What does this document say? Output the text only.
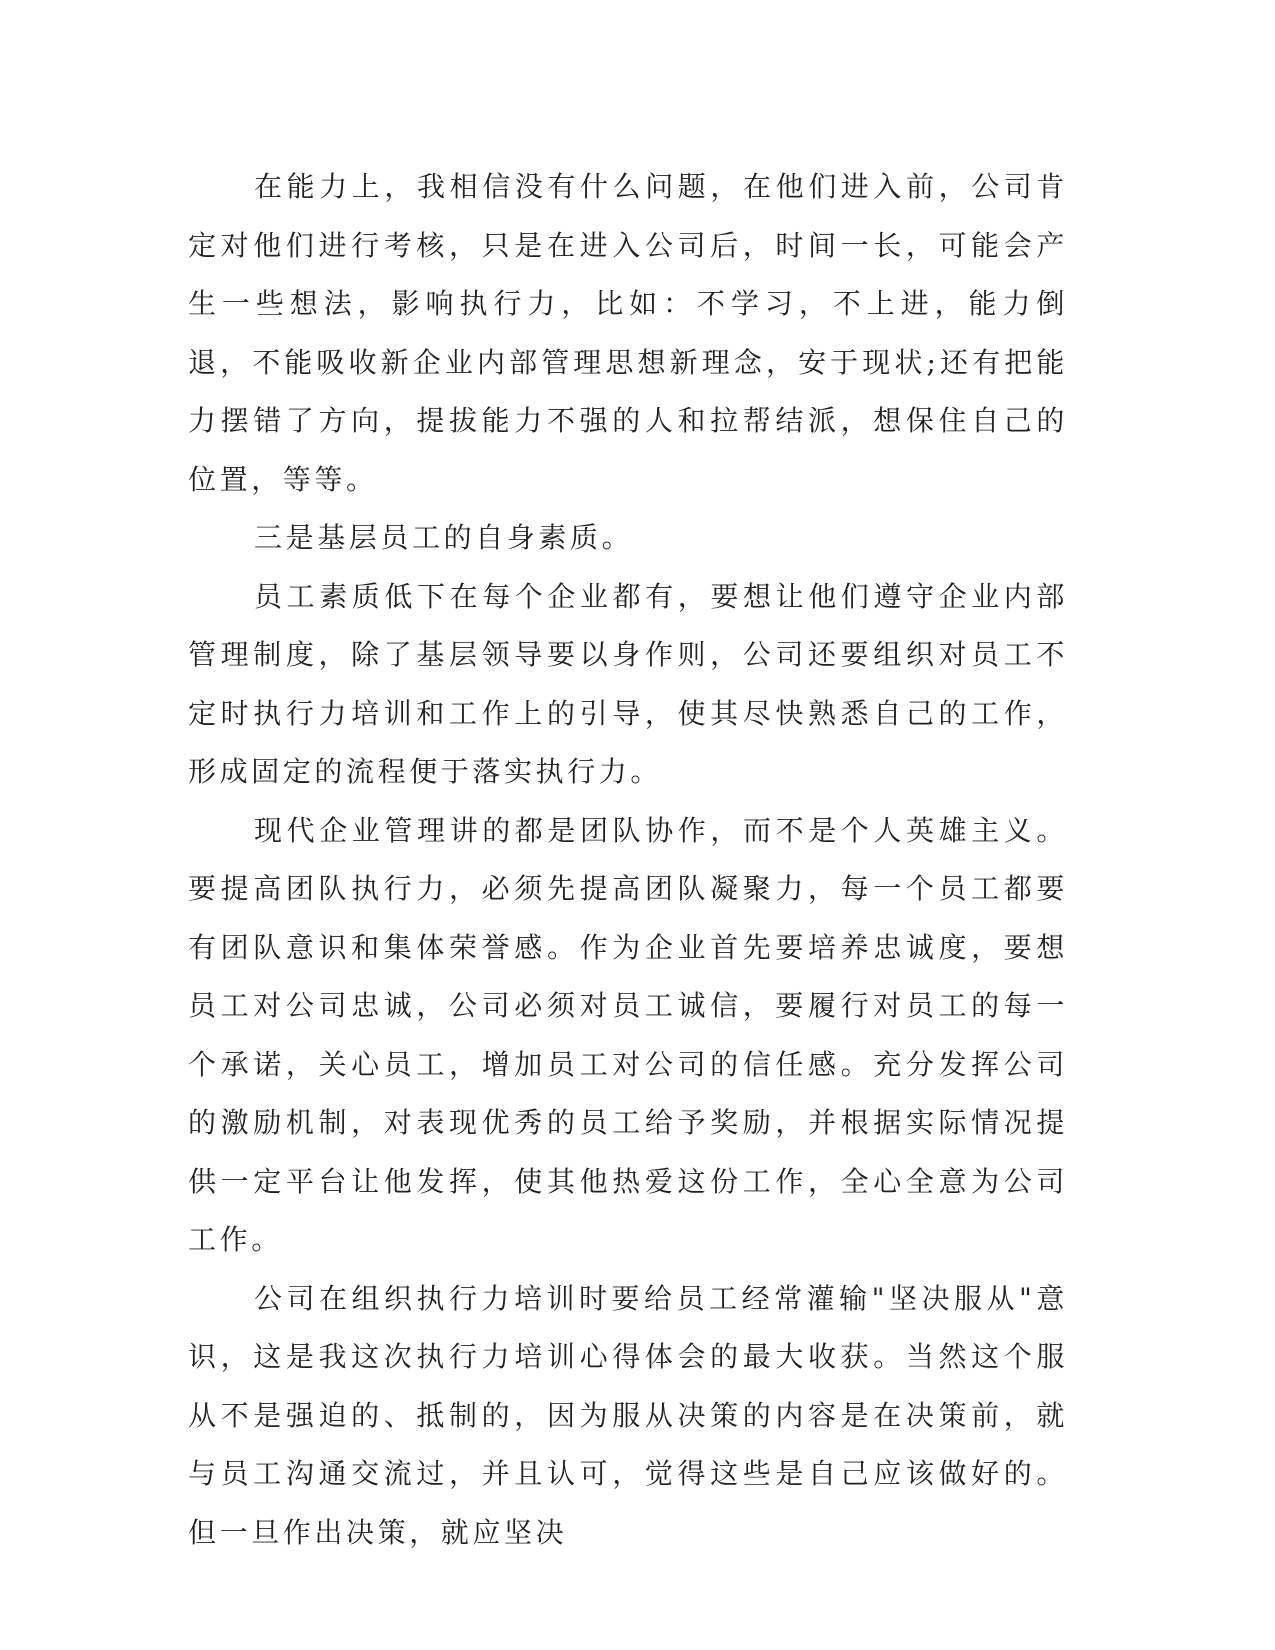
在能力上，我相信没有什么问题，在他们进入前，公司肯定对他们进行考核，只是在进入公司后，时间一长，可能会产生一些想法，影响执行力，比如：不学习，不上进，能力倒退，不能吸收新企业内部管理思想新理念，安于现状;还有把能力摆错了方向，提拔能力不强的人和拉帮结派，想保住自己的位置，等等。

三是基层员工的自身素质。

员工素质低下在每个企业都有，要想让他们遵守企业内部管理制度，除了基层领导要以身作则，公司还要组织对员工不定时执行力培训和工作上的引导，使其尽快熟悉自己的工作，形成固定的流程便于落实执行力。

现代企业管理讲的都是团队协作，而不是个人英雄主义。要提高团队执行力，必须先提高团队凝聚力，每一个员工都要有团队意识和集体荣誉感。作为企业首先要培养忠诚度，要想员工对公司忠诚，公司必须对员工诚信，要履行对员工的每一个承诺，关心员工，增加员工对公司的信任感。充分发挥公司的激励机制，对表现优秀的员工给予奖励，并根据实际情况提供一定平台让他发挥，使其他热爱这份工作，全心全意为公司工作。

公司在组织执行力培训时要给员工经常灌输"坚决服从"意识，这是我这次执行力培训心得体会的最大收获。当然这个服从不是强迫的、抵制的，因为服从决策的内容是在决策前，就与员工沟通交流过，并且认可，觉得这些是自己应该做好的。但一旦作出决策，就应坚决
